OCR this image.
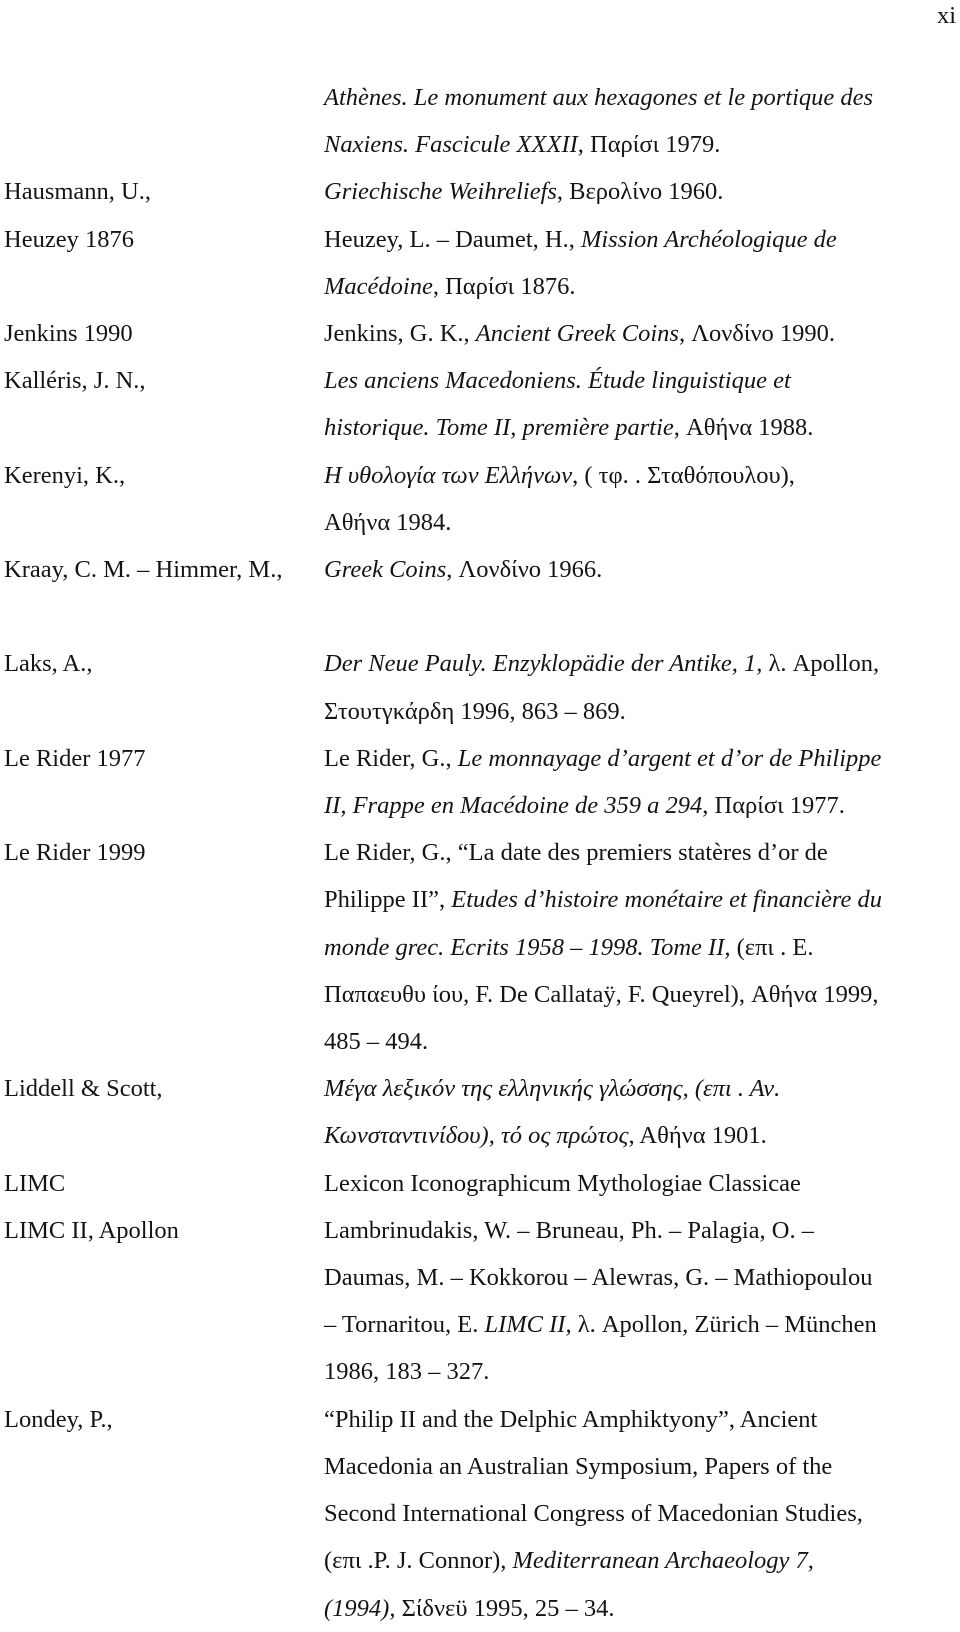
xi
Athènes. Le monument aux hexagones et le portique des
Naxiens. Fascicule XXXII, Παρίσι 1979.
Hausmann, U.,	Griechische Weihreliefs, Βερολίνο 1960.
Heuzey 1876	Heuzey, L. – Daumet, H., Mission Archéologique de
Macédoine, Παρίσι 1876.
Jenkins 1990	Jenkins, G. K., Ancient Greek Coins, Λονδίνο 1990.
Kalléris, J. N.,	Les anciens Macedoniens. Étude linguistique et
historique. Tome II, première partie, Αθήνα 1988.
Kerenyi, K.,	Η υθολογία των Ελλήνων, ( τφ. . Σταθόπουλου),
Αθήνα 1984.
Kraay, C. M. – Himmer, M.,	Greek Coins, Λονδίνο 1966.

Laks, A.,	Der Neue Pauly. Enzyklopädie der Antike, 1, λ. Apollon,
Στουτγκάρδη 1996, 863 – 869.
Le Rider 1977	Le Rider, G., Le monnayage d’argent et d’or de Philippe
II, Frappe en Macédoine de 359 a 294, Παρίσι 1977.
Le Rider 1999	Le Rider, G., “La date des premiers statères d’or de
Philippe II”, Etudes d’histoire monétaire et financière du
monde grec. Ecrits 1958 – 1998. Tome II, (επι . Ε.
Παπαευθυ ίου, F. De Callataÿ, F. Queyrel), Αθήνα 1999,
485 – 494.
Liddell & Scott,	Μέγα λεξικόν της ελληνικής γλώσσης, (επι . Αν.
Κωνσταντινίδου), τό ος πρώτος, Αθήνα 1901.
LIMC	Lexicon Iconographicum Mythologiae Classicae
LIMC II, Apollon	Lambrinudakis, W. – Bruneau, Ph. – Palagia, O. –
Daumas, M. – Kokkorou – Alewras, G. – Mathiopoulou
– Tornaritou, E. LIMC II, λ. Apollon, Zürich – München
1986, 183 – 327.
Londey, P.,	“Philip II and the Delphic Amphiktyony”, Ancient
Macedonia an Australian Symposium, Papers of the
Second International Congress of Macedonian Studies,
(επι .P. J. Connor), Mediterranean Archaeology 7,
(1994), Σίδνεϋ 1995, 25 – 34.
